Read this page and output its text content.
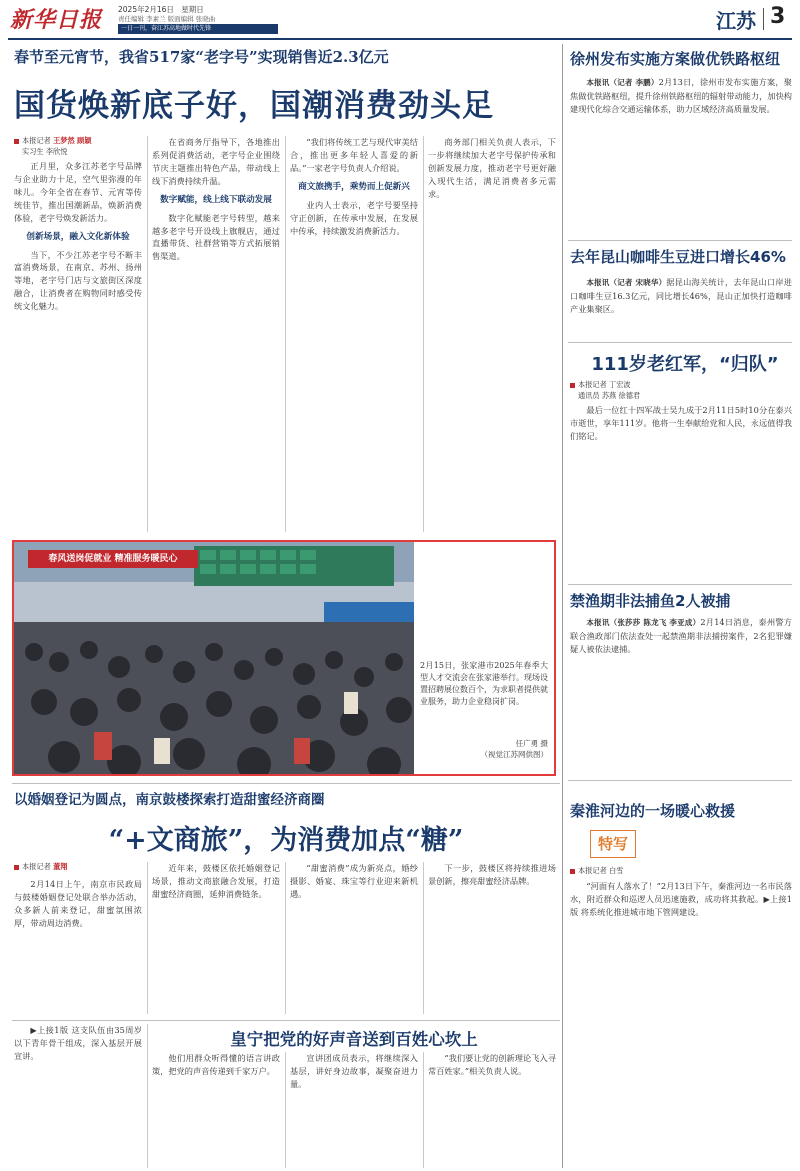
新华日报 2025年2月16日 星期日
责任编辑 李素兰 版面编辑 张晓曲
一日一刊，奋江苏高地做时代先锋	江苏 3
春节至元宵节，我省517家“老字号”实现销售近2.3亿元
国货焕新底子好，国潮消费劲头足
本报记者 王梦然 顾颖
实习生 李欣悦

正月里，众多江苏老字号品牌与企业助力十足，空气里弥漫的年味儿。今年全省在春节、元宵等传统佳节，推出国潮新品，焕新消费体验，老字号焕发新活力。

创新场景，融入文化新体验

当下，不少江苏老字号不断丰富消费场景，在南京、苏州、扬州等地，老字号门店与文旅街区深度融合，让消费者在购物同时感受传统文化魅力。

在省商务厅指导下，各地推出系列促消费活动，老字号企业围绕节庆主题推出特色产品，带动线上线下消费持续升温。

数字赋能，线上线下联动发展

数字化赋能老字号转型，越来越多老字号开设线上旗舰店，通过直播带货、社群营销等方式拓展销售渠道。

“我们将传统工艺与现代审美结合，推出更多年轻人喜爱的新品。”一家老字号负责人介绍说。

商文旅携手，乘势而上促新兴

业内人士表示，老字号要坚持守正创新，在传承中发展，在发展中传承，持续激发消费新活力。

商务部门相关负责人表示，下一步将继续加大老字号保护传承和创新发展力度，推动老字号更好融入现代生活，满足消费者多元需求。

春风送岗促就业 精准服务暖民心
2月15日，张家港市2025年春季大型人才交流会在张家港举行。现场设置招聘展位数百个，为求职者提供就业服务，助力企业稳岗扩岗。
任广勇 摄
（视觉江苏网供图）
以婚姻登记为圆点，南京鼓楼探索打造甜蜜经济商圈
“+文商旅”，为消费加点“糖”
本报记者 董翔

2月14日上午，南京市民政局与鼓楼婚姻登记处联合举办活动，众多新人前来登记，甜蜜氛围浓厚，带动周边消费。

近年来，鼓楼区依托婚姻登记场景，推动文商旅融合发展，打造甜蜜经济商圈，延伸消费链条。

“甜蜜消费”成为新亮点，婚纱摄影、婚宴、珠宝等行业迎来新机遇。

下一步，鼓楼区将持续推进场景创新，擦亮甜蜜经济品牌。

▶上接1版 这支队伍由35周岁以下青年骨干组成，深入基层开展宣讲。

皇宁把党的好声音送到百姓心坎上

他们用群众听得懂的语言讲政策，把党的声音传递到千家万户。

宣讲团成员表示，将继续深入基层，讲好身边故事，凝聚奋进力量。

“我们要让党的创新理论飞入寻常百姓家。”相关负责人说。

徐州发布实施方案做优铁路枢纽

本报讯（记者 李鹏）2月13日，徐州市发布实施方案，聚焦做优铁路枢纽，提升徐州铁路枢纽的辐射带动能力，加快构建现代化综合交通运输体系，助力区域经济高质量发展。

去年昆山咖啡生豆进口增长46%

本报讯（记者 宋晓华）据昆山海关统计，去年昆山口岸进口咖啡生豆16.3亿元，同比增长46%，昆山正加快打造咖啡产业集聚区。

111岁老红军，“归队”
本报记者 丁宏波
通讯员 苏燕 徐德君

最后一位红十四军战士吴九成于2月11日5时10分在泰兴市逝世，享年111岁。他将一生奉献给党和人民，永远值得我们铭记。

禁渔期非法捕鱼2人被捕

本报讯（张莎莎 陈龙飞 李亚成）2月14日消息，泰州警方联合渔政部门依法查处一起禁渔期非法捕捞案件，2名犯罪嫌疑人被依法逮捕。

秦淮河边的一场暖心救援
特写
本报记者 白雪

“河面有人落水了！”2月13日下午，秦淮河边一名市民落水，附近群众和巡逻人员迅速施救，成功将其救起。▶上接1版 将系统化推进城市地下管网建设。
